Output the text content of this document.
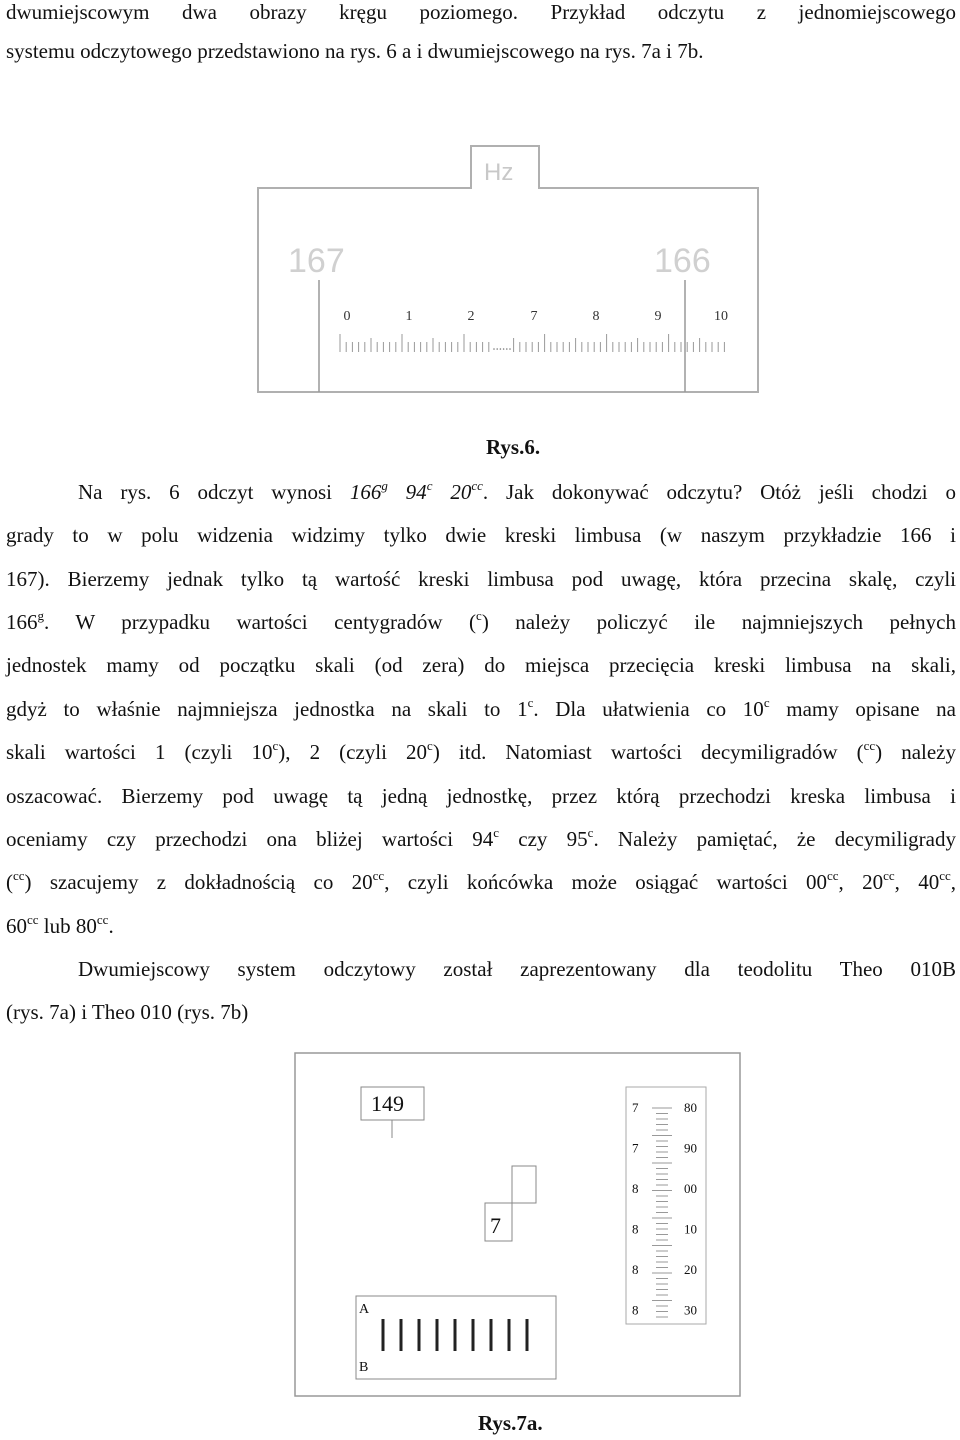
dwumiejscowym dwa obrazy kręgu poziomego. Przykład odczytu z jednomiejscowego
systemu odczytowego przedstawiono na rys. 6 a i dwumiejscowego na rys. 7a i 7b.
Hz
167	166
0	1	2	7	8	9	10
Rys.6.
Na rys. 6 odczyt wynosi 166$^g$ 94$^c$ $20^{cc}$. Jak dokonywać odczytu? Otóż jeśli chodzi o
grady to w polu widzenia widzimy tylko dwie kreski limbusa (w naszym przykładzie 166 i
167). Bierzemy jednak tylko tą wartość kreski limbusa pod uwagę, która przecina skalę, czyli
166$^g$. W przypadku wartości centygradów ($^c$) należy policzyć ile najmniejszych pełnych
jednostek mamy od początku skali (od zera) do miejsca przecięcia kreski limbusa na skali,
gdyż to właśnie najmniejsza jednostka na skali to 1$^c$. Dla ułatwienia co 10$^c$ mamy opisane na
skali wartości 1 (czyli 10$^c$), 2 (czyli 20$^c$) itd. Natomiast wartości decymiligradów ($^{cc}$) należy
oszacować. Bierzemy pod uwagę tą jedną jednostkę, przez którą przechodzi kreska limbusa i
oceniamy czy przechodzi ona bliżej wartości 94$^c$ czy 95$^c$. Należy pamiętać, że decymiligrady
($^{cc}$) szacujemy z dokładnością co $20^{cc}$, czyli końcówka może osiągać wartości $00^{cc}$, $20^{cc}$, $40^{cc}$,
$60^{cc}$ lub $80^{cc}$.
Dwumiejscowy system odczytowy został zaprezentowany dla teodolitu Theo 010B
(rys. 7a) i Theo 010 (rys. 7b)
149
7
A
B
7	80
7	90
8	00
8	10
8	20
8	30
Rys.7a.
